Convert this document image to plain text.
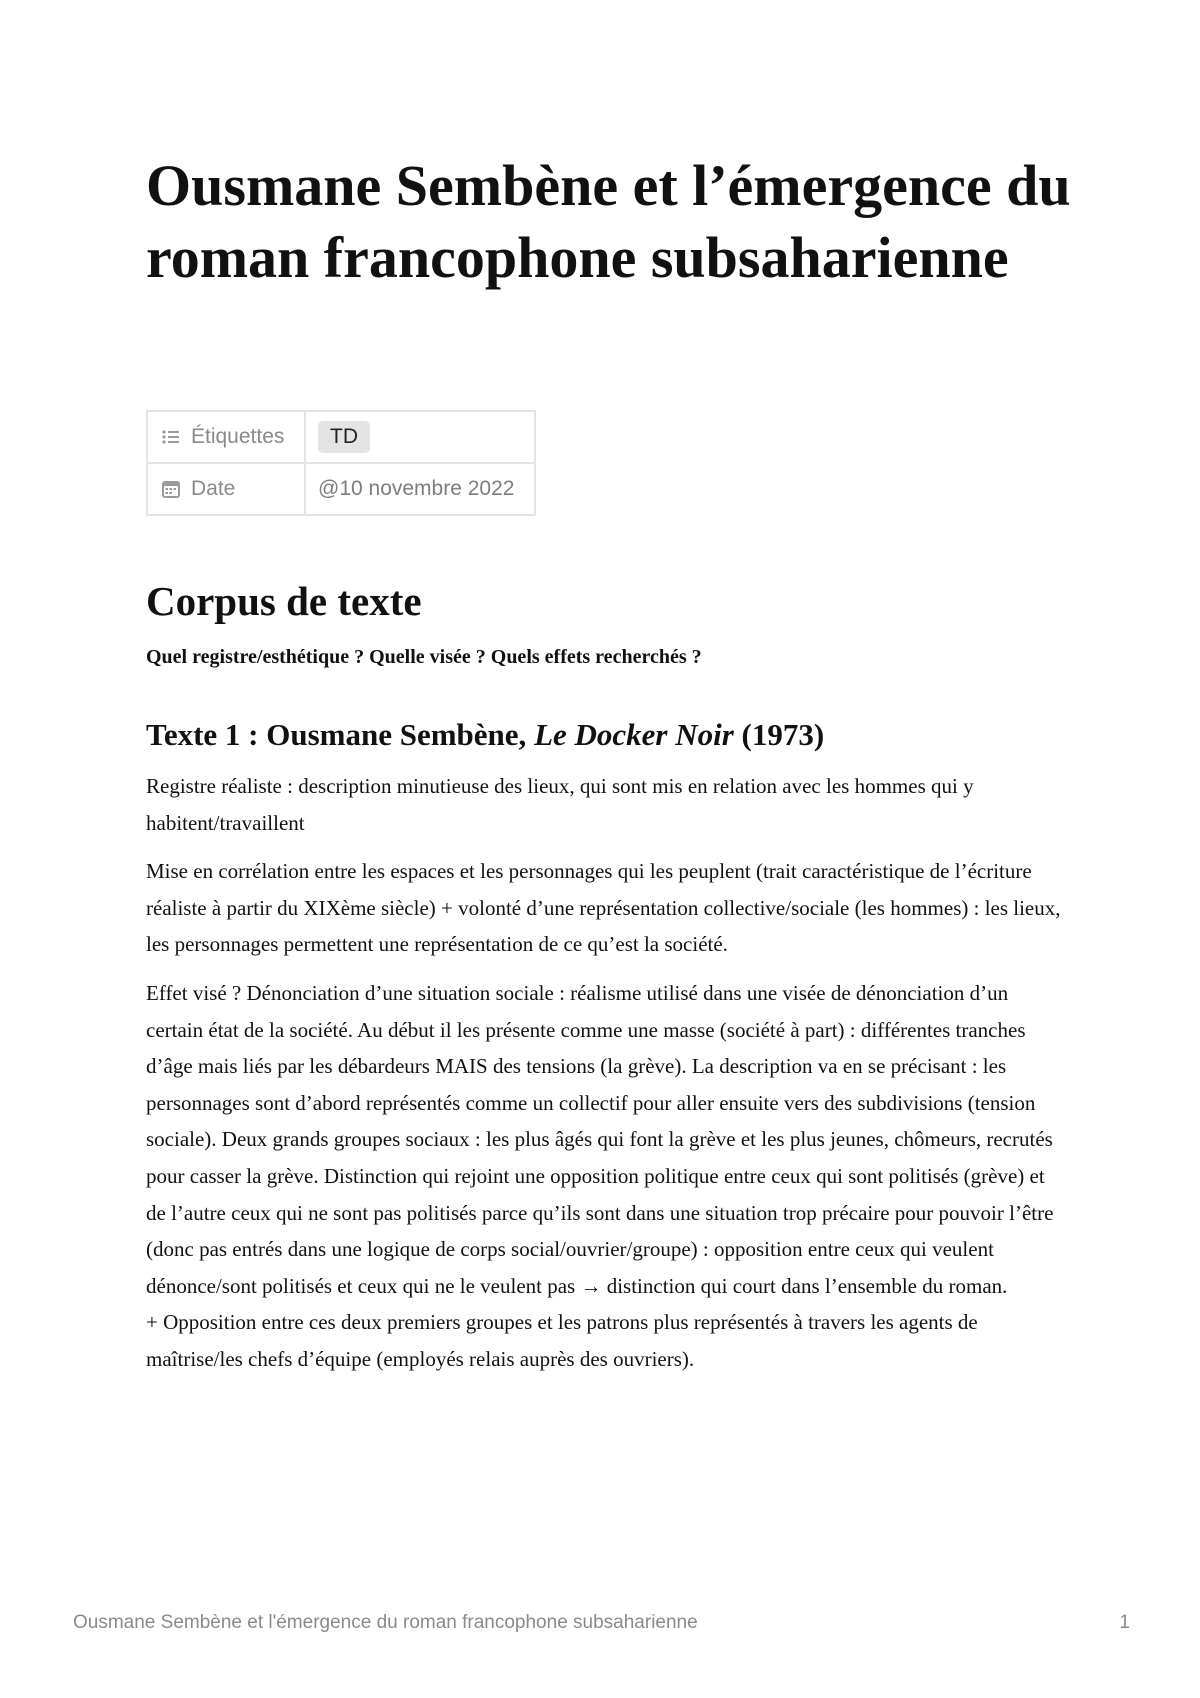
Ousmane Sembène et l’émergence du roman francophone subsaharienne
Étiquettes	TD

Date	@10 novembre 2022
Corpus de texte

Quel registre/esthétique ? Quelle visée ? Quels effets recherchés ?

Texte 1 : Ousmane Sembène, Le Docker Noir (1973)

Registre réaliste : description minutieuse des lieux, qui sont mis en relation avec les hommes qui y habitent/travaillent

Mise en corrélation entre les espaces et les personnages qui les peuplent (trait caractéristique de l’écriture réaliste à partir du XIXème siècle) + volonté d’une représentation collective/sociale (les hommes) : les lieux, les personnages permettent une représentation de ce qu’est la société.

Effet visé ? Dénonciation d’une situation sociale : réalisme utilisé dans une visée de dénonciation d’un certain état de la société. Au début il les présente comme une masse (société à part) : différentes tranches d’âge mais liés par les débardeurs MAIS des tensions (la grève). La description va en se précisant : les personnages sont d’abord représentés comme un collectif pour aller ensuite vers des subdivisions (tension sociale). Deux grands groupes sociaux : les plus âgés qui font la grève et les plus jeunes, chômeurs, recrutés pour casser la grève. Distinction qui rejoint une opposition politique entre ceux qui sont politisés (grève) et de l’autre ceux qui ne sont pas politisés parce qu’ils sont dans une situation trop précaire pour pouvoir l’être (donc pas entrés dans une logique de corps social/ouvrier/groupe) : opposition entre ceux qui veulent dénonce/sont politisés et ceux qui ne le veulent pas → distinction qui court dans l’ensemble du roman.

+ Opposition entre ces deux premiers groupes et les patrons plus représentés à travers les agents de maîtrise/les chefs d’équipe (employés relais auprès des ouvriers).

Ousmane Sembène et l'émergence du roman francophone subsaharienne	1
